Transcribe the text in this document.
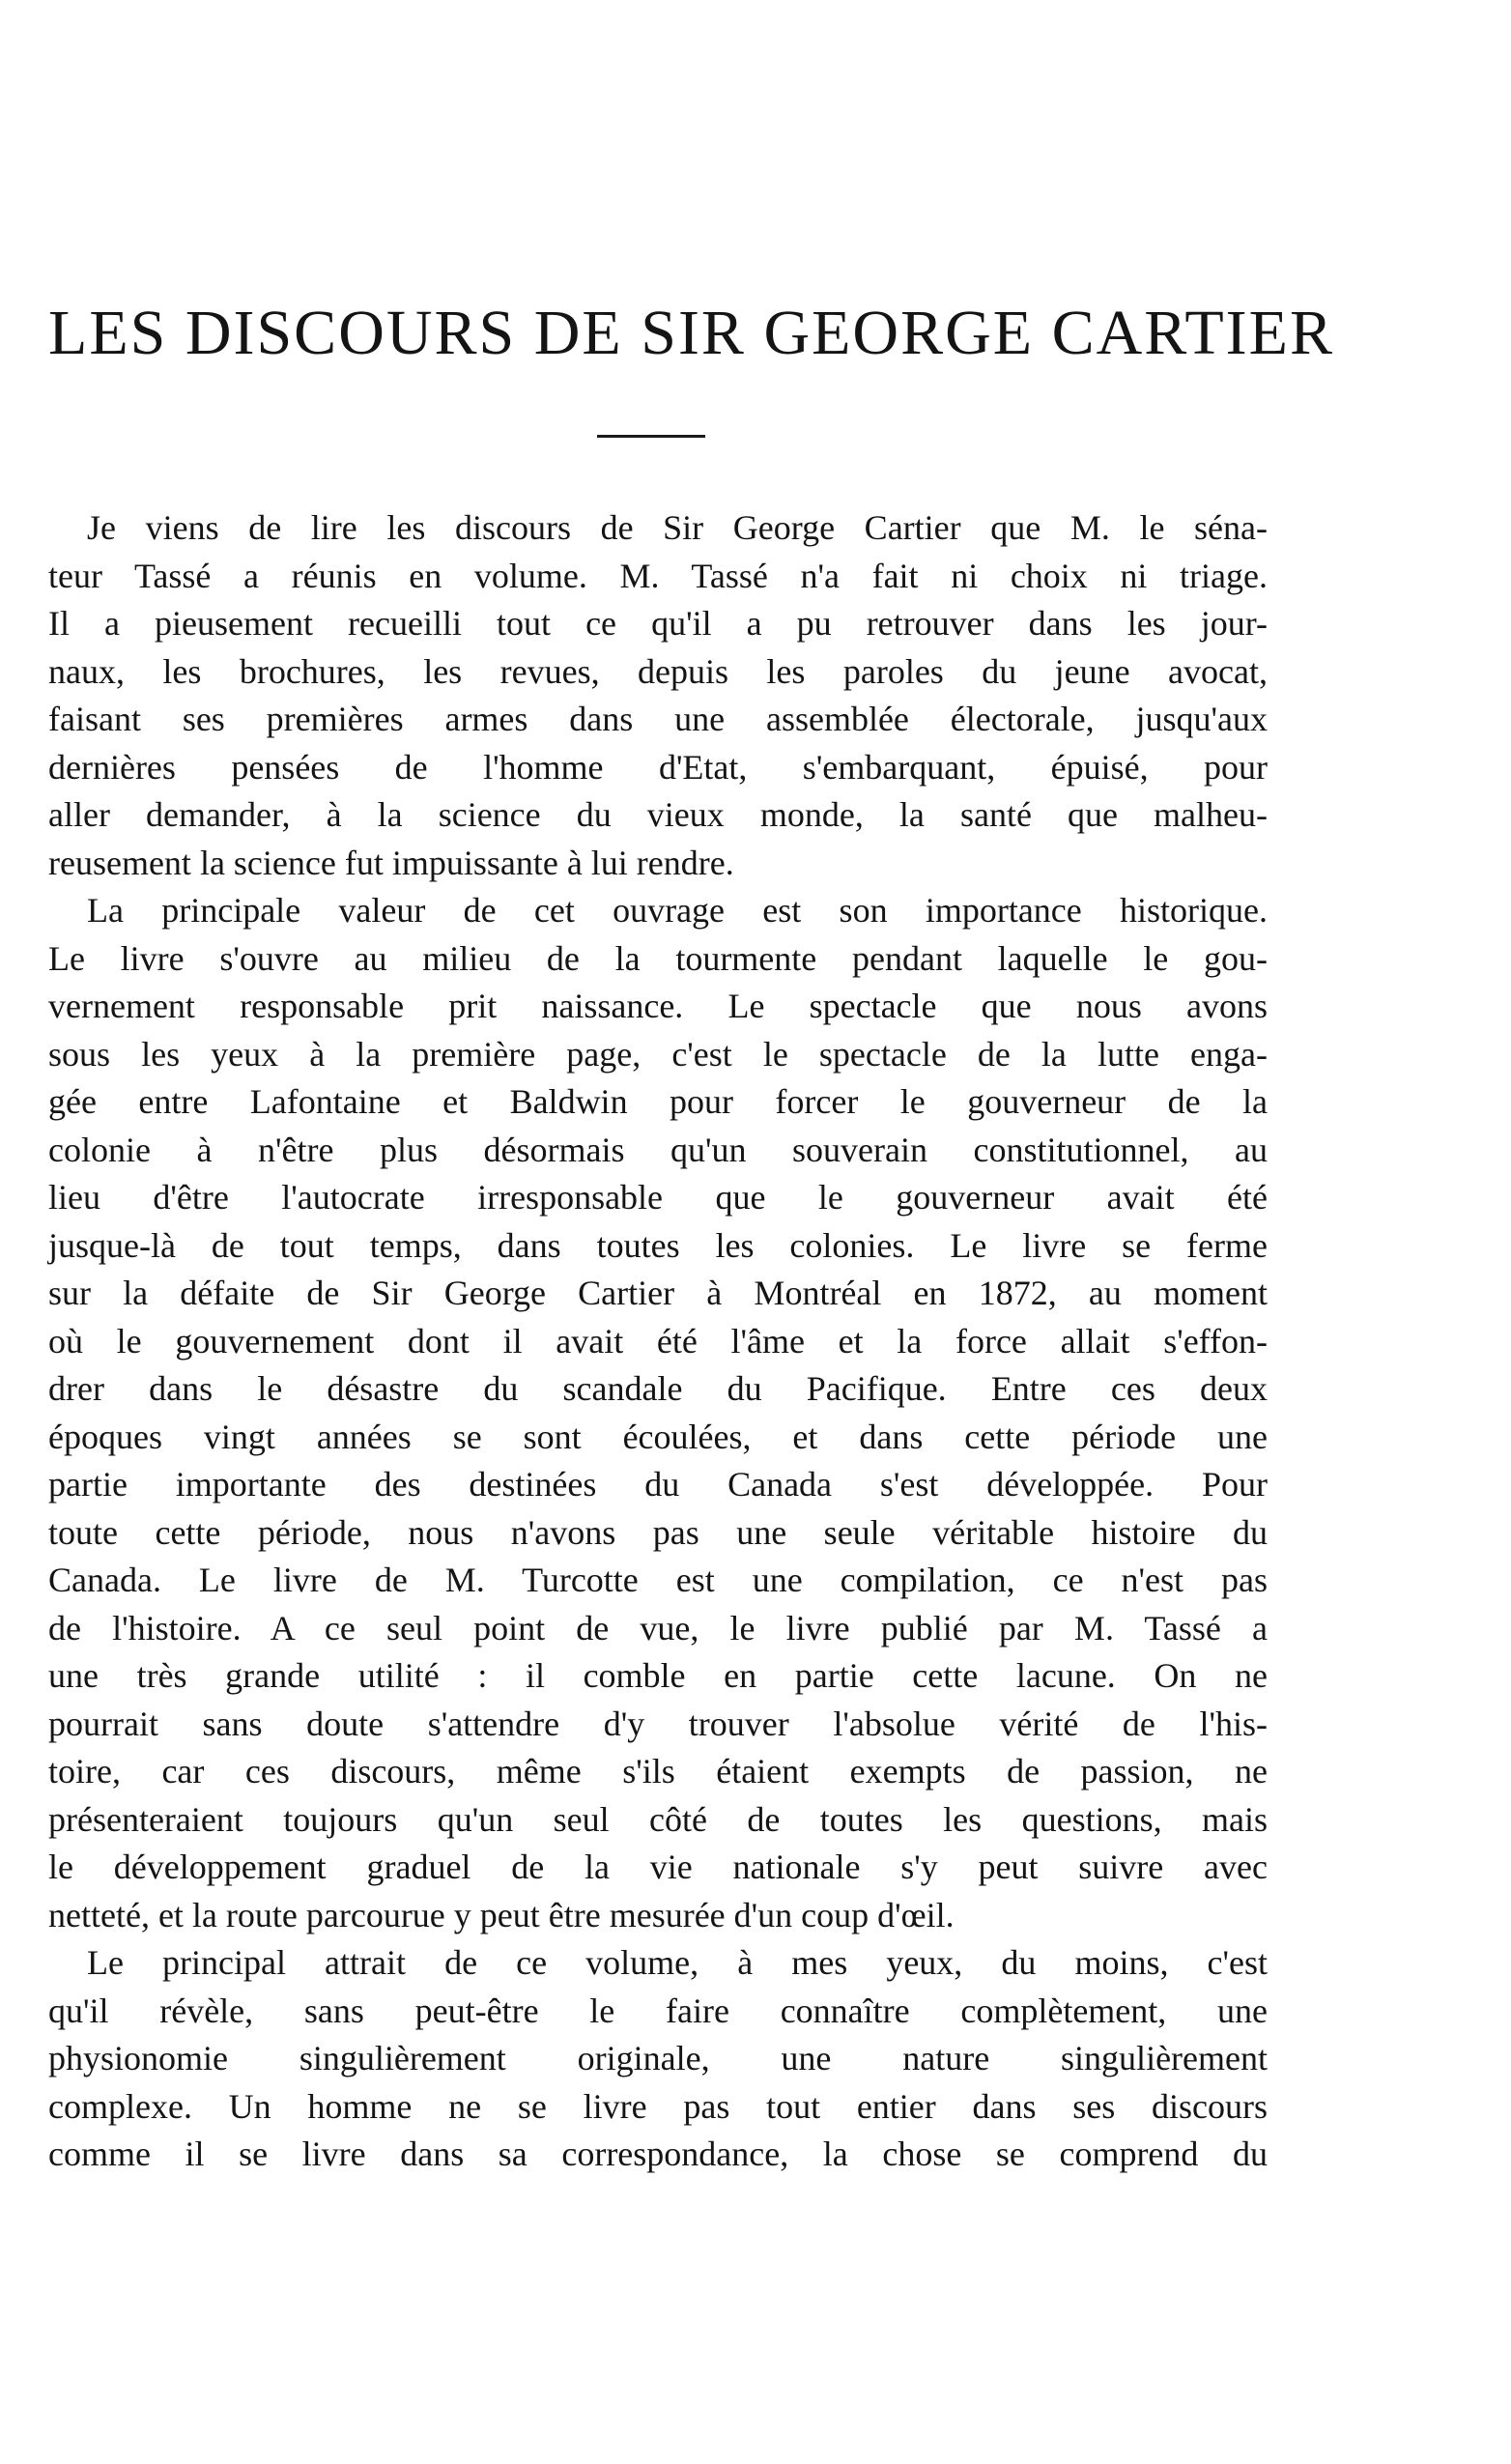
LES DISCOURS DE SIR GEORGE CARTIER
Je viens de lire les discours de Sir George Cartier que M. le séna-
teur Tassé a réunis en volume. M. Tassé n'a fait ni choix ni triage.
Il a pieusement recueilli tout ce qu'il a pu retrouver dans les jour-
naux, les brochures, les revues, depuis les paroles du jeune avocat,
faisant ses premières armes dans une assemblée électorale, jusqu'aux
dernières pensées de l'homme d'Etat, s'embarquant, épuisé, pour
aller demander, à la science du vieux monde, la santé que malheu-
reusement la science fut impuissante à lui rendre.
La principale valeur de cet ouvrage est son importance historique.
Le livre s'ouvre au milieu de la tourmente pendant laquelle le gou-
vernement responsable prit naissance. Le spectacle que nous avons
sous les yeux à la première page, c'est le spectacle de la lutte enga-
gée entre Lafontaine et Baldwin pour forcer le gouverneur de la
colonie à n'être plus désormais qu'un souverain constitutionnel, au
lieu d'être l'autocrate irresponsable que le gouverneur avait été
jusque-là de tout temps, dans toutes les colonies. Le livre se ferme
sur la défaite de Sir George Cartier à Montréal en 1872, au moment
où le gouvernement dont il avait été l'âme et la force allait s'effon-
drer dans le désastre du scandale du Pacifique. Entre ces deux
époques vingt années se sont écoulées, et dans cette période une
partie importante des destinées du Canada s'est développée. Pour
toute cette période, nous n'avons pas une seule véritable histoire du
Canada. Le livre de M. Turcotte est une compilation, ce n'est pas
de l'histoire. A ce seul point de vue, le livre publié par M. Tassé a
une très grande utilité : il comble en partie cette lacune. On ne
pourrait sans doute s'attendre d'y trouver l'absolue vérité de l'his-
toire, car ces discours, même s'ils étaient exempts de passion, ne
présenteraient toujours qu'un seul côté de toutes les questions, mais
le développement graduel de la vie nationale s'y peut suivre avec
netteté, et la route parcourue y peut être mesurée d'un coup d'œil.
Le principal attrait de ce volume, à mes yeux, du moins, c'est
qu'il révèle, sans peut-être le faire connaître complètement, une
physionomie singulièrement originale, une nature singulièrement
complexe. Un homme ne se livre pas tout entier dans ses discours
comme il se livre dans sa correspondance, la chose se comprend du
